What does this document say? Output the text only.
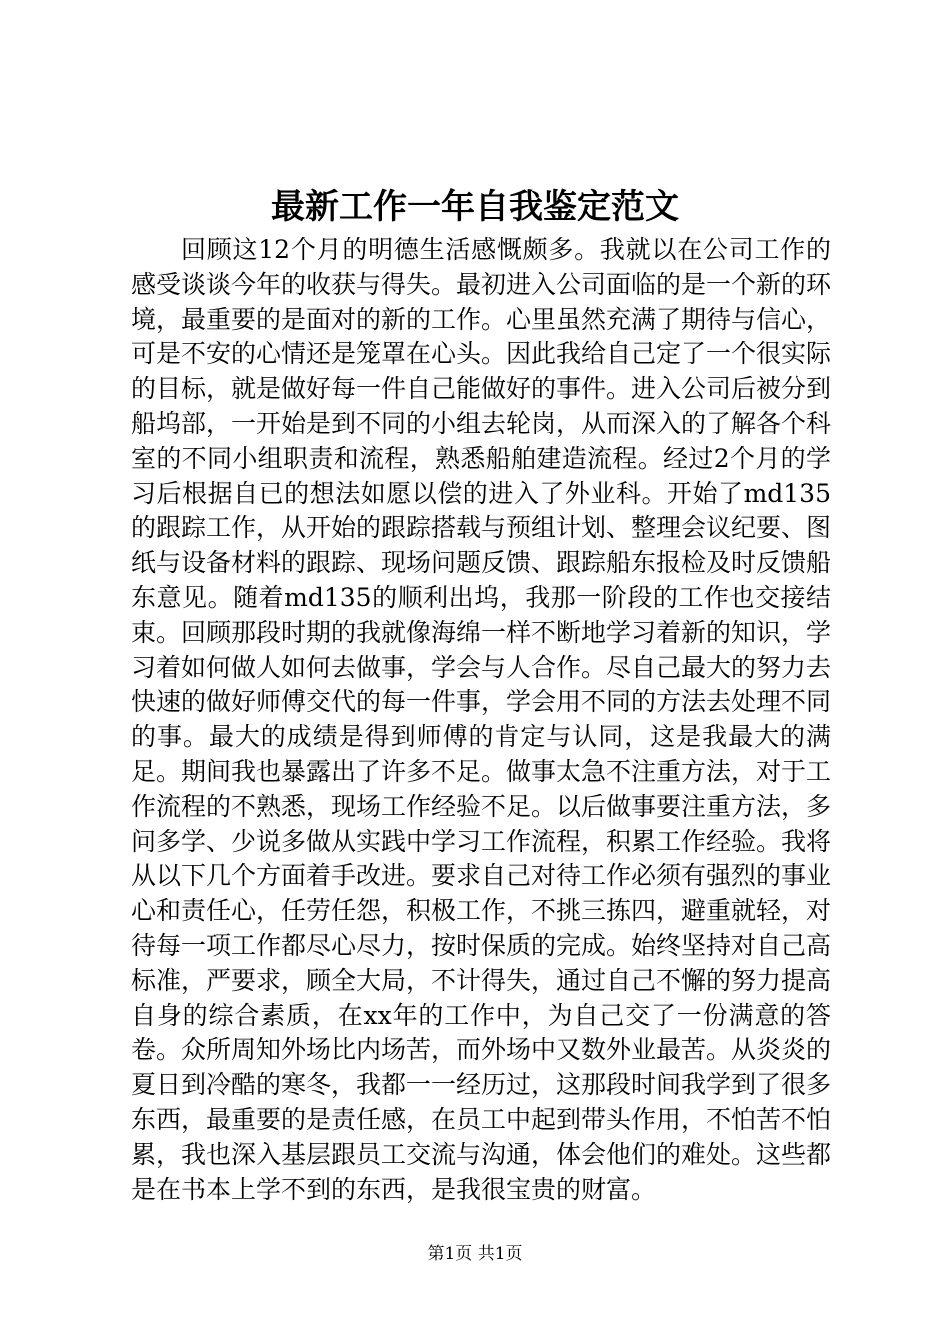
最新工作一年自我鉴定范文

回顾这12个月的明德生活感慨颇多。我就以在公司工作的感受谈谈今年的收获与得失。最初进入公司面临的是一个新的环境，最重要的是面对的新的工作。心里虽然充满了期待与信心，可是不安的心情还是笼罩在心头。因此我给自己定了一个很实际的目标，就是做好每一件自己能做好的事件。进入公司后被分到船坞部，一开始是到不同的小组去轮岗，从而深入的了解各个科室的不同小组职责和流程，熟悉船舶建造流程。经过2个月的学习后根据自已的想法如愿以偿的进入了外业科。开始了md135的跟踪工作，从开始的跟踪搭载与预组计划、整理会议纪要、图纸与设备材料的跟踪、现场问题反馈、跟踪船东报检及时反馈船东意见。随着md135的顺利出坞，我那一阶段的工作也交接结束。回顾那段时期的我就像海绵一样不断地学习着新的知识，学习着如何做人如何去做事，学会与人合作。尽自己最大的努力去快速的做好师傅交代的每一件事，学会用不同的方法去处理不同的事。最大的成绩是得到师傅的肯定与认同，这是我最大的满足。期间我也暴露出了许多不足。做事太急不注重方法，对于工作流程的不熟悉，现场工作经验不足。以后做事要注重方法，多问多学、少说多做从实践中学习工作流程，积累工作经验。我将从以下几个方面着手改进。要求自己对待工作必须有强烈的事业心和责任心，任劳任怨，积极工作，不挑三拣四，避重就轻，对待每一项工作都尽心尽力，按时保质的完成。始终坚持对自己高标准，严要求，顾全大局，不计得失，通过自己不懈的努力提高自身的综合素质，在xx年的工作中，为自己交了一份满意的答卷。众所周知外场比内场苦，而外场中又数外业最苦。从炎炎的夏日到冷酷的寒冬，我都一一经历过，这那段时间我学到了很多东西，最重要的是责任感，在员工中起到带头作用，不怕苦不怕累，我也深入基层跟员工交流与沟通，体会他们的难处。这些都是在书本上学不到的东西，是我很宝贵的财富。

第1页 共1页
